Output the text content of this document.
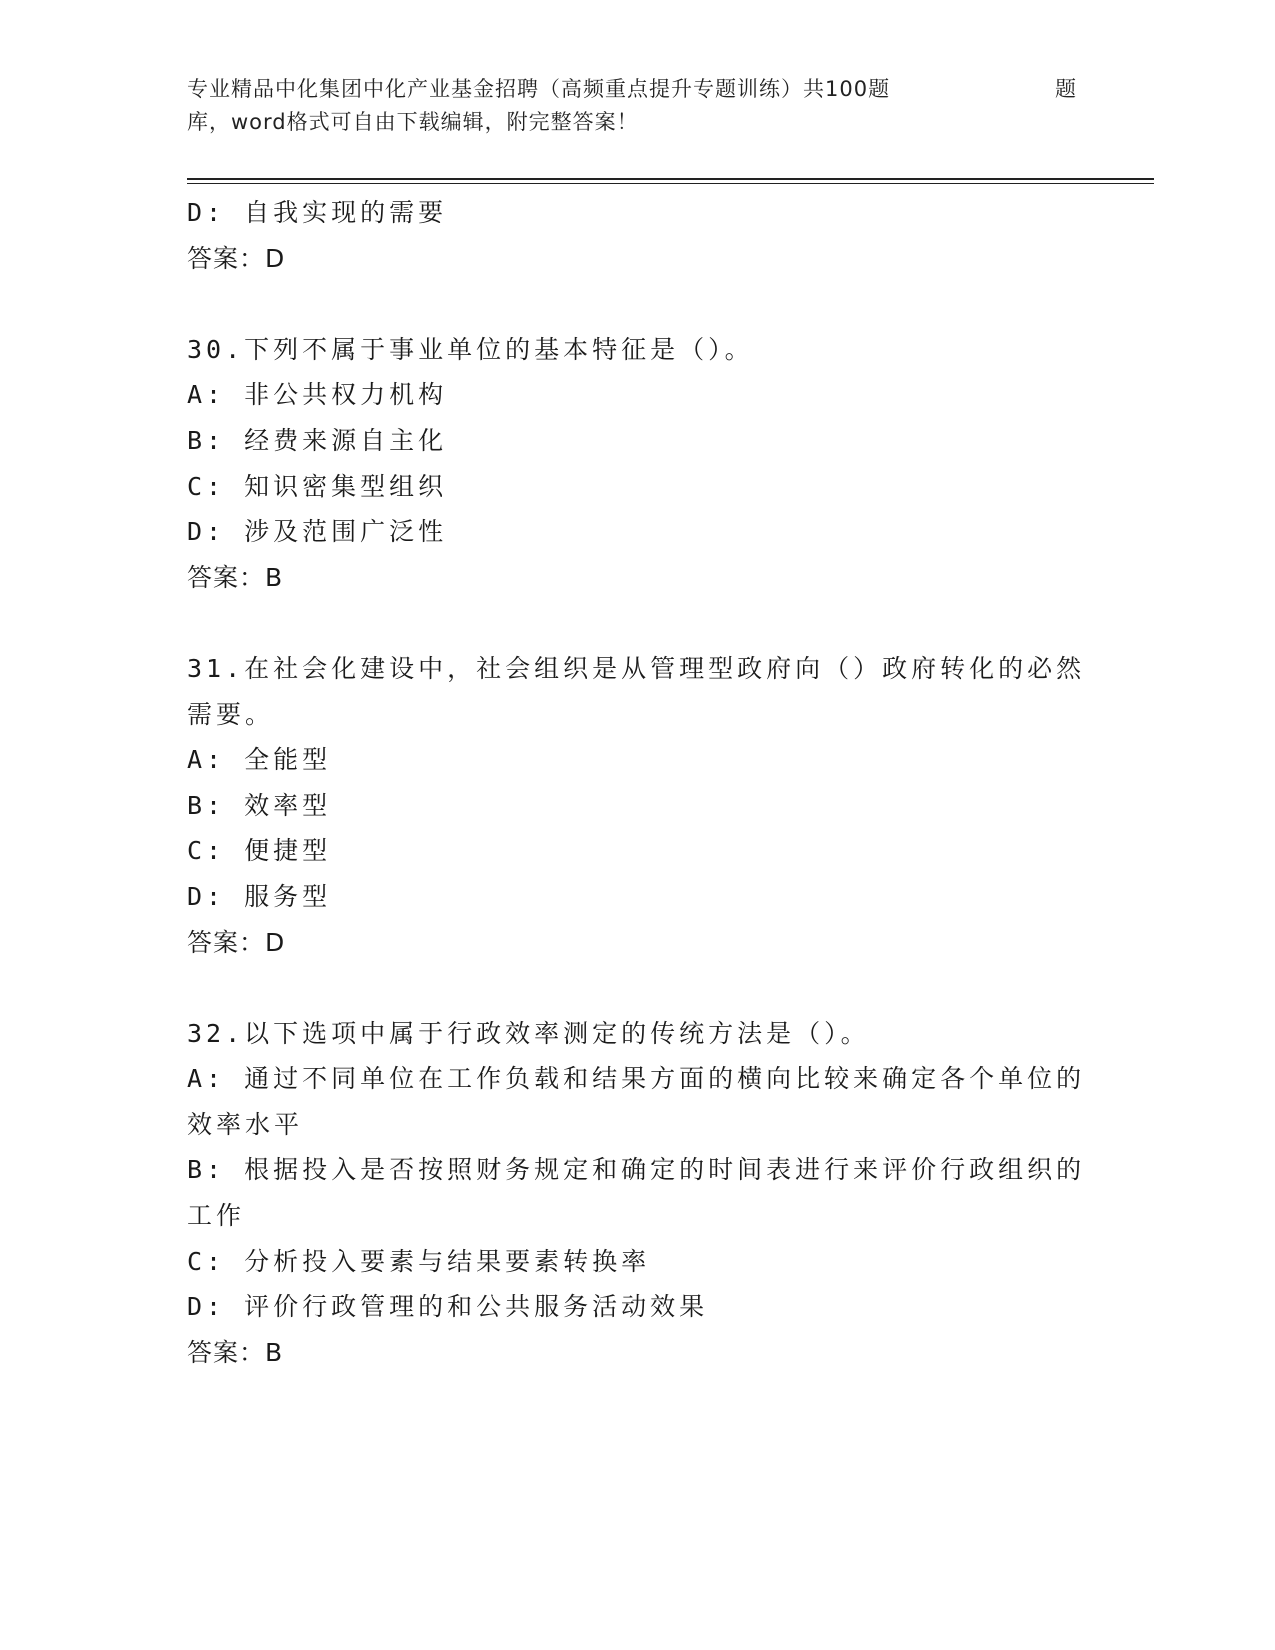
专业精品中化集团中化产业基金招聘（高频重点提升专题训练）共100题	题
库，word格式可自由下载编辑，附完整答案！
D: 自我实现的需要
答案：D
30.下列不属于事业单位的基本特征是（）。
A: 非公共权力机构
B: 经费来源自主化
C: 知识密集型组织
D: 涉及范围广泛性
答案：B
31.在社会化建设中，社会组织是从管理型政府向（）政府转化的必然
需要。
A: 全能型
B: 效率型
C: 便捷型
D: 服务型
答案：D
32.以下选项中属于行政效率测定的传统方法是（）。
A: 通过不同单位在工作负载和结果方面的横向比较来确定各个单位的
效率水平
B: 根据投入是否按照财务规定和确定的时间表进行来评价行政组织的
工作
C: 分析投入要素与结果要素转换率
D: 评价行政管理的和公共服务活动效果
答案：B
